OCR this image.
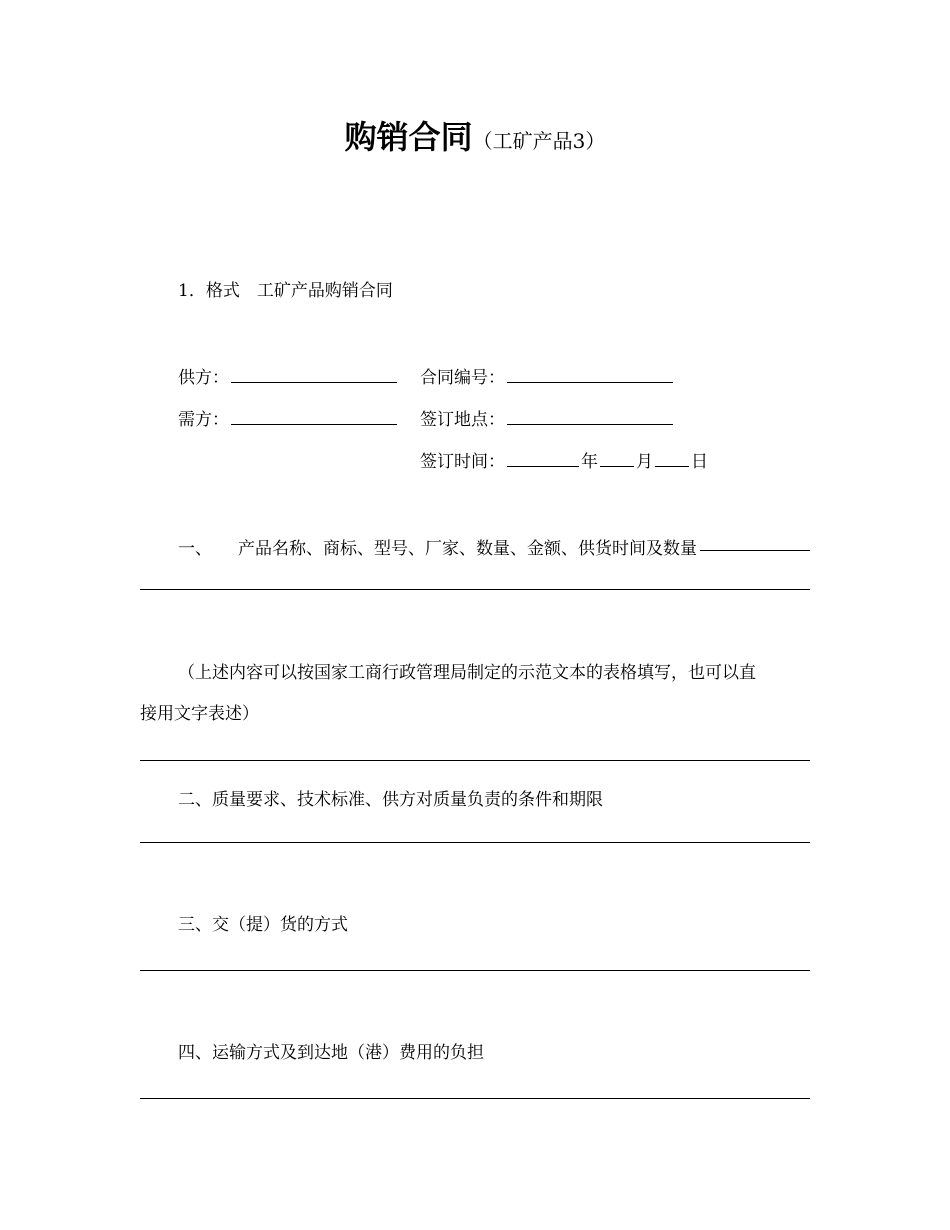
购销合同（工矿产品3）
1．格式　工矿产品购销合同
供方：	合同编号：
需方：	签订地点：
签订时间：	年 月 日
一、 产品名称、商标、型号、厂家、数量、金额、供货时间及数量
（上述内容可以按国家工商行政管理局制定的示范文本的表格填写，也可以直
接用文字表述）
二、质量要求、技术标准、供方对质量负责的条件和期限
三、交（提）货的方式
四、运输方式及到达地（港）费用的负担
